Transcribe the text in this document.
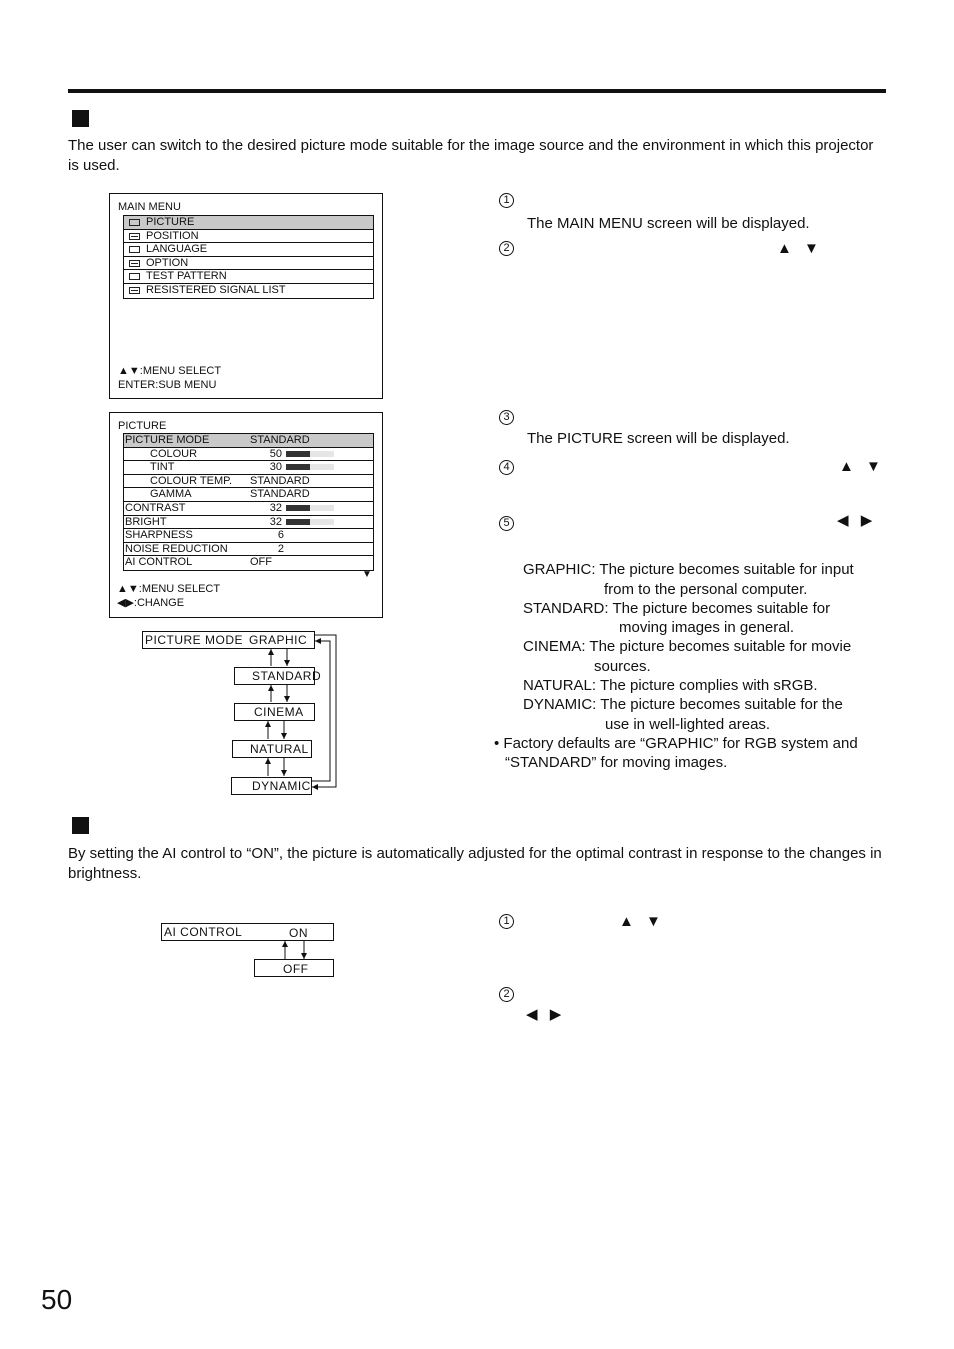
The user can switch to the desired picture mode suitable for the image source and the environment in which this projector is used.
MAIN MENU
PICTURE
POSITION
LANGUAGE
OPTION
TEST PATTERN
RESISTERED SIGNAL LIST
▲▼:MENU SELECT
ENTER:SUB MENU
PICTURE
PICTURE MODE	STANDARD
COLOUR	50
TINT	30
COLOUR TEMP. STANDARD
GAMMA	STANDARD
CONTRAST	32
BRIGHT	32
SHARPNESS	6
NOISE REDUCTION	2
AI CONTROL	OFF
▼
▲▼:MENU SELECT
◀▶:CHANGE
PICTURE MODE GRAPHIC
STANDARD
CINEMA
NATURAL
DYNAMIC
1
The MAIN MENU screen will be displayed.
2	▲ ▼
3
The PICTURE screen will be displayed.
4	▲ ▼
5	◀ ▶
GRAPHIC: The picture becomes suitable for input
from to the personal computer.
STANDARD: The picture becomes suitable for
moving images in general.
CINEMA: The picture becomes suitable for movie
sources.
NATURAL: The picture complies with sRGB.
DYNAMIC: The picture becomes suitable for the
use in well-lighted areas.
• Factory defaults are “GRAPHIC” for RGB system and
“STANDARD” for moving images.
By setting the AI control to “ON”, the picture is automatically adjusted for the optimal contrast in response to the changes in brightness.
AI CONTROL	ON
OFF
1	▲ ▼
2
◀ ▶
50
